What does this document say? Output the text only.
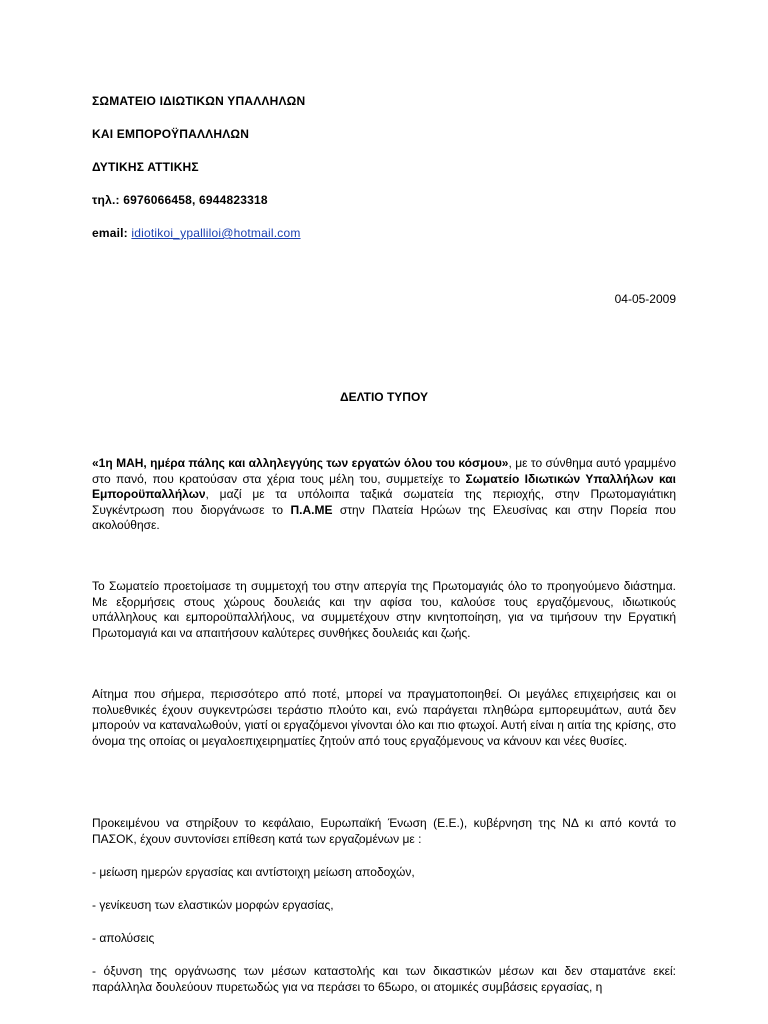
ΣΩΜΑΤΕΙΟ ΙΔΙΩΤΙΚΩΝ ΥΠΑΛΛΗΛΩΝ
ΚΑΙ ΕΜΠΟΡΟΫΠΑΛΛΗΛΩΝ
ΔΥΤΙΚΗΣ ΑΤΤΙΚΗΣ
τηλ.: 6976066458, 6944823318
email: idiotikoi_ypalliloi@hotmail.com
04-05-2009
ΔΕΛΤΙΟ ΤΥΠΟΥ
«1η ΜΑΗ, ημέρα πάλης και αλληλεγγύης των εργατών όλου του κόσμου», με το σύνθημα αυτό γραμμένο στο πανό, που κρατούσαν στα χέρια τους μέλη του, συμμετείχε το Σωματείο Ιδιωτικών Υπαλλήλων και Εμποροϋπαλλήλων, μαζί με τα υπόλοιπα ταξικά σωματεία της περιοχής, στην Πρωτομαγιάτικη Συγκέντρωση που διοργάνωσε το Π.Α.ΜΕ στην Πλατεία Ηρώων της Ελευσίνας και στην Πορεία που ακολούθησε.
Το Σωματείο προετοίμασε τη συμμετοχή του στην απεργία της Πρωτομαγιάς όλο το προηγούμενο διάστημα. Με εξορμήσεις στους χώρους δουλειάς και την αφίσα του, καλούσε τους εργαζόμενους, ιδιωτικούς υπάλληλους και εμποροϋπαλλήλους, να συμμετέχουν στην κινητοποίηση, για να τιμήσουν την Εργατική Πρωτομαγιά και να απαιτήσουν καλύτερες συνθήκες δουλειάς και ζωής.
Αίτημα που σήμερα, περισσότερο από ποτέ, μπορεί να πραγματοποιηθεί. Οι μεγάλες επιχειρήσεις και οι πολυεθνικές έχουν συγκεντρώσει τεράστιο πλούτο και, ενώ παράγεται πληθώρα εμπορευμάτων, αυτά δεν μπορούν να καταναλωθούν, γιατί οι εργαζόμενοι γίνονται όλο και πιο φτωχοί. Αυτή είναι η αιτία της κρίσης, στο όνομα της οποίας οι μεγαλοεπιχειρηματίες ζητούν από τους εργαζόμενους να κάνουν και νέες θυσίες.
Προκειμένου να στηρίξουν το κεφάλαιο, Ευρωπαϊκή Ένωση (Ε.Ε.), κυβέρνηση της ΝΔ κι από κοντά το ΠΑΣΟΚ, έχουν συντονίσει επίθεση κατά των εργαζομένων με :
- μείωση ημερών εργασίας και αντίστοιχη μείωση αποδοχών,
- γενίκευση των ελαστικών μορφών εργασίας,
- απολύσεις
- όξυνση της οργάνωσης των μέσων καταστολής και των δικαστικών μέσων και δεν σταματάνε εκεί: παράλληλα δουλεύουν πυρετωδώς για να περάσει το 65ωρο, οι ατομικές συμβάσεις εργασίας, η
